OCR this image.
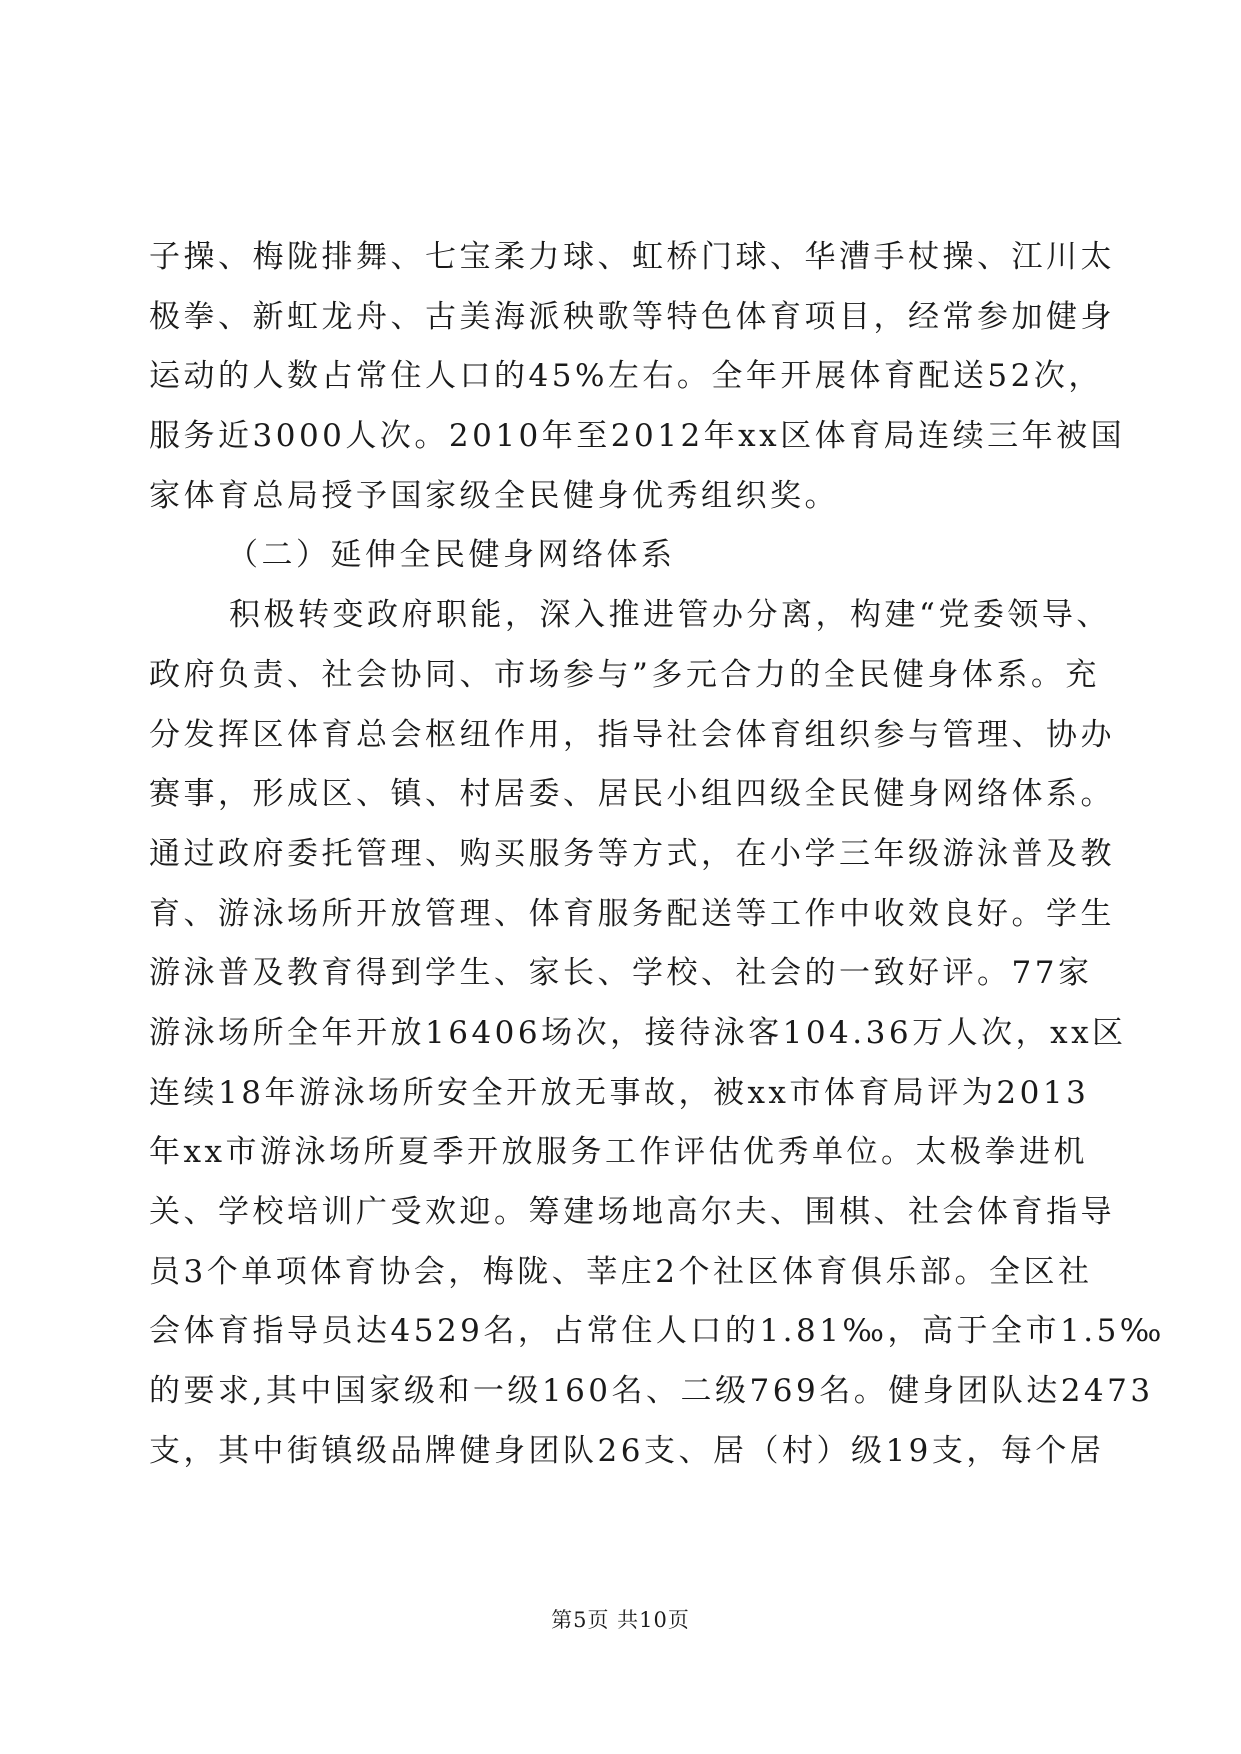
子操、梅陇排舞、七宝柔力球、虹桥门球、华漕手杖操、江川太
极拳、新虹龙舟、古美海派秧歌等特色体育项目，经常参加健身
运动的人数占常住人口的45%左右。全年开展体育配送52次，
服务近3000人次。2010年至2012年xx区体育局连续三年被国
家体育总局授予国家级全民健身优秀组织奖。
（二）延伸全民健身网络体系
积极转变政府职能，深入推进管办分离，构建“党委领导、
政府负责、社会协同、市场参与”多元合力的全民健身体系。充
分发挥区体育总会枢纽作用，指导社会体育组织参与管理、协办
赛事，形成区、镇、村居委、居民小组四级全民健身网络体系。
通过政府委托管理、购买服务等方式，在小学三年级游泳普及教
育、游泳场所开放管理、体育服务配送等工作中收效良好。学生
游泳普及教育得到学生、家长、学校、社会的一致好评。77家
游泳场所全年开放16406场次，接待泳客104.36万人次，xx区
连续18年游泳场所安全开放无事故，被xx市体育局评为2013
年xx市游泳场所夏季开放服务工作评估优秀单位。太极拳进机
关、学校培训广受欢迎。筹建场地高尔夫、围棋、社会体育指导
员3个单项体育协会，梅陇、莘庄2个社区体育俱乐部。全区社
会体育指导员达4529名，占常住人口的1.81‰，高于全市1.5‰
的要求,其中国家级和一级160名、二级769名。健身团队达2473
支，其中街镇级品牌健身团队26支、居（村）级19支，每个居
第5页 共10页
